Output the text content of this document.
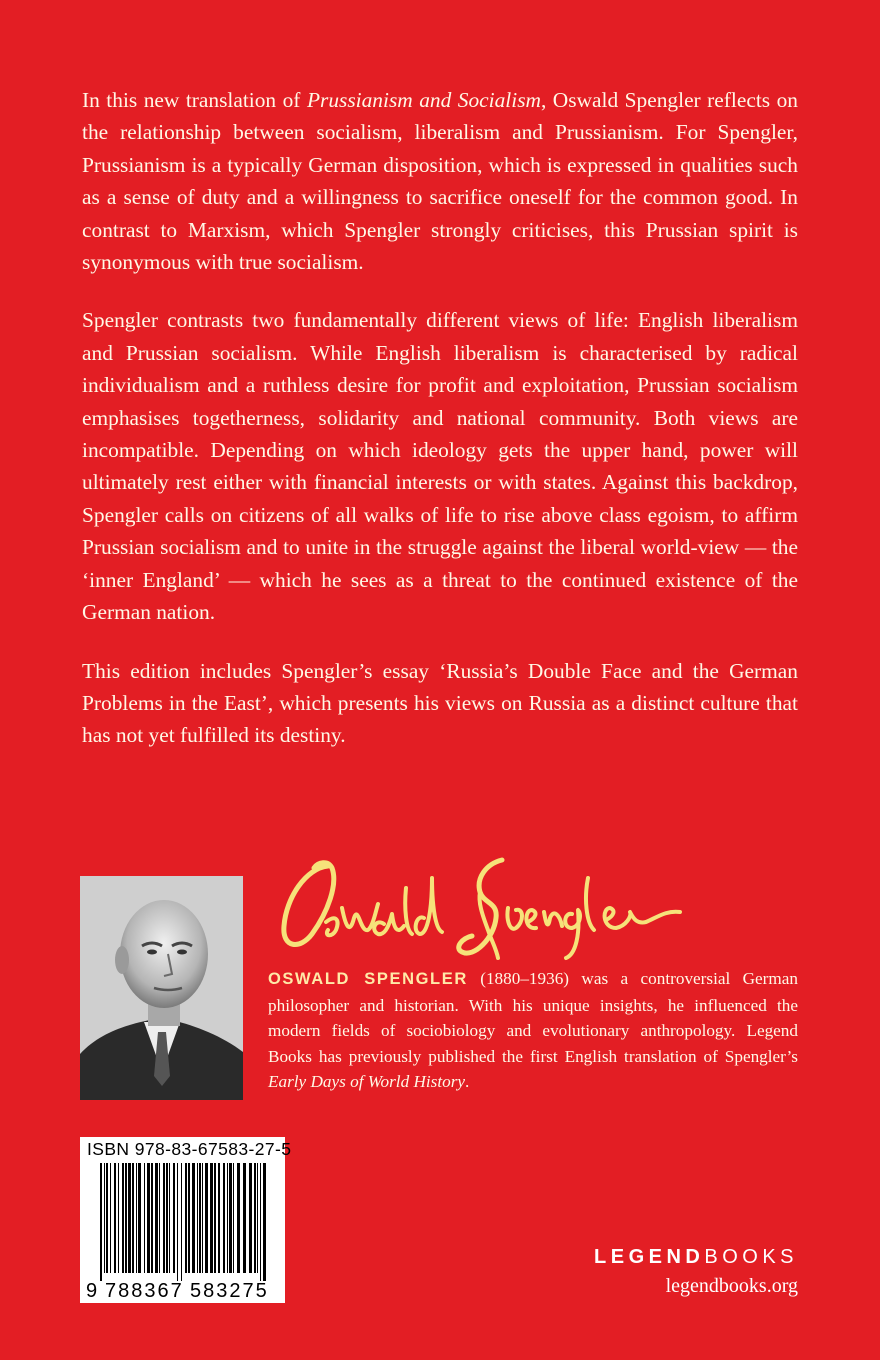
In this new translation of Prussianism and Socialism, Oswald Spengler reflects on the relationship between socialism, liberalism and Prussianism. For Spengler, Prussianism is a typically German disposition, which is expressed in qualities such as a sense of duty and a willingness to sacrifice oneself for the common good. In contrast to Marxism, which Spengler strongly criticises, this Prussian spirit is synonymous with true socialism.

Spengler contrasts two fundamentally different views of life: English liberalism and Prussian socialism. While English liberalism is characterised by radical individualism and a ruthless desire for profit and exploitation, Prussian socialism emphasises togetherness, solidarity and national community. Both views are incompatible. Depending on which ideology gets the upper hand, power will ultimately rest either with financial interests or with states. Against this backdrop, Spengler calls on citizens of all walks of life to rise above class egoism, to affirm Prussian socialism and to unite in the struggle against the liberal world-view — the ‘inner England’ — which he sees as a threat to the continued existence of the German nation.

This edition includes Spengler’s essay ‘Russia’s Double Face and the German Problems in the East’, which presents his views on Russia as a distinct culture that has not yet fulfilled its destiny.

OSWALD SPENGLER (1880–1936) was a controversial German philosopher and historian. With his unique insights, he influenced the modern fields of sociobiology and evolutionary anthropology. Legend Books has previously published the first English translation of Spengler’s Early Days of World History.
ISBN 978-83-67583-27-5
9 788367 583275
LEGENDBOOKS
legendbooks.org
